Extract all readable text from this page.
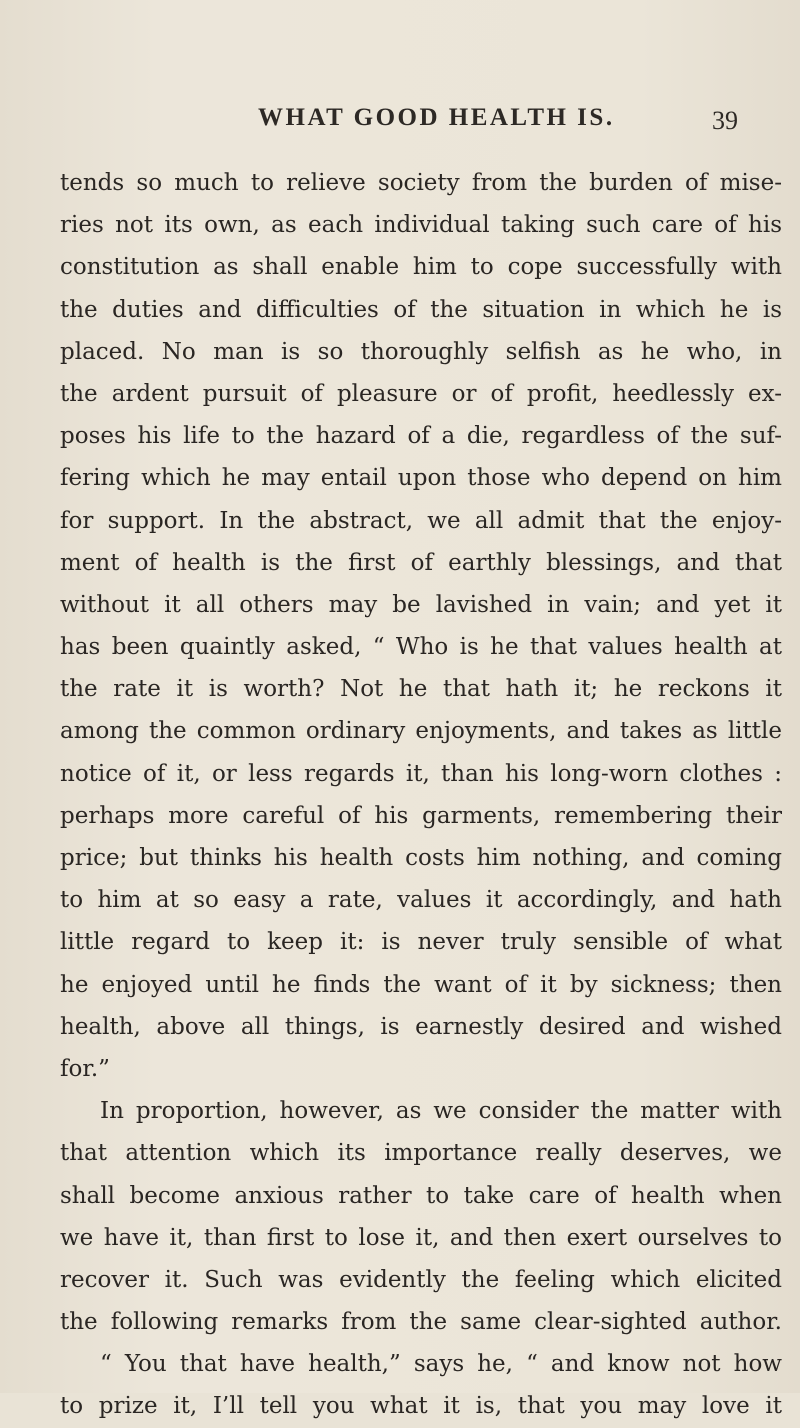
WHAT GOOD HEALTH IS.	39
tends so much to relieve society from the burden of mise-
ries not its own, as each individual taking such care of his
constitution as shall enable him to cope successfully with
the duties and difficulties of the situation in which he is
placed. No man is so thoroughly selfish as he who, in
the ardent pursuit of pleasure or of profit, heedlessly ex-
poses his life to the hazard of a die, regardless of the suf-
fering which he may entail upon those who depend on him
for support. In the abstract, we all admit that the enjoy-
ment of health is the first of earthly blessings, and that
without it all others may be lavished in vain; and yet it
has been quaintly asked, “ Who is he that values health at
the rate it is worth? Not he that hath it; he reckons it
among the common ordinary enjoyments, and takes as little
notice of it, or less regards it, than his long-worn clothes :
perhaps more careful of his garments, remembering their
price; but thinks his health costs him nothing, and coming
to him at so easy a rate, values it accordingly, and hath
little regard to keep it: is never truly sensible of what
he enjoyed until he finds the want of it by sickness; then
health, above all things, is earnestly desired and wished
for.”
In proportion, however, as we consider the matter with
that attention which its importance really deserves, we
shall become anxious rather to take care of health when
we have it, than first to lose it, and then exert ourselves to
recover it. Such was evidently the feeling which elicited
the following remarks from the same clear-sighted author.
“ You that have health,” says he, “ and know not how
to prize it, I’ll tell you what it is, that you may love it
